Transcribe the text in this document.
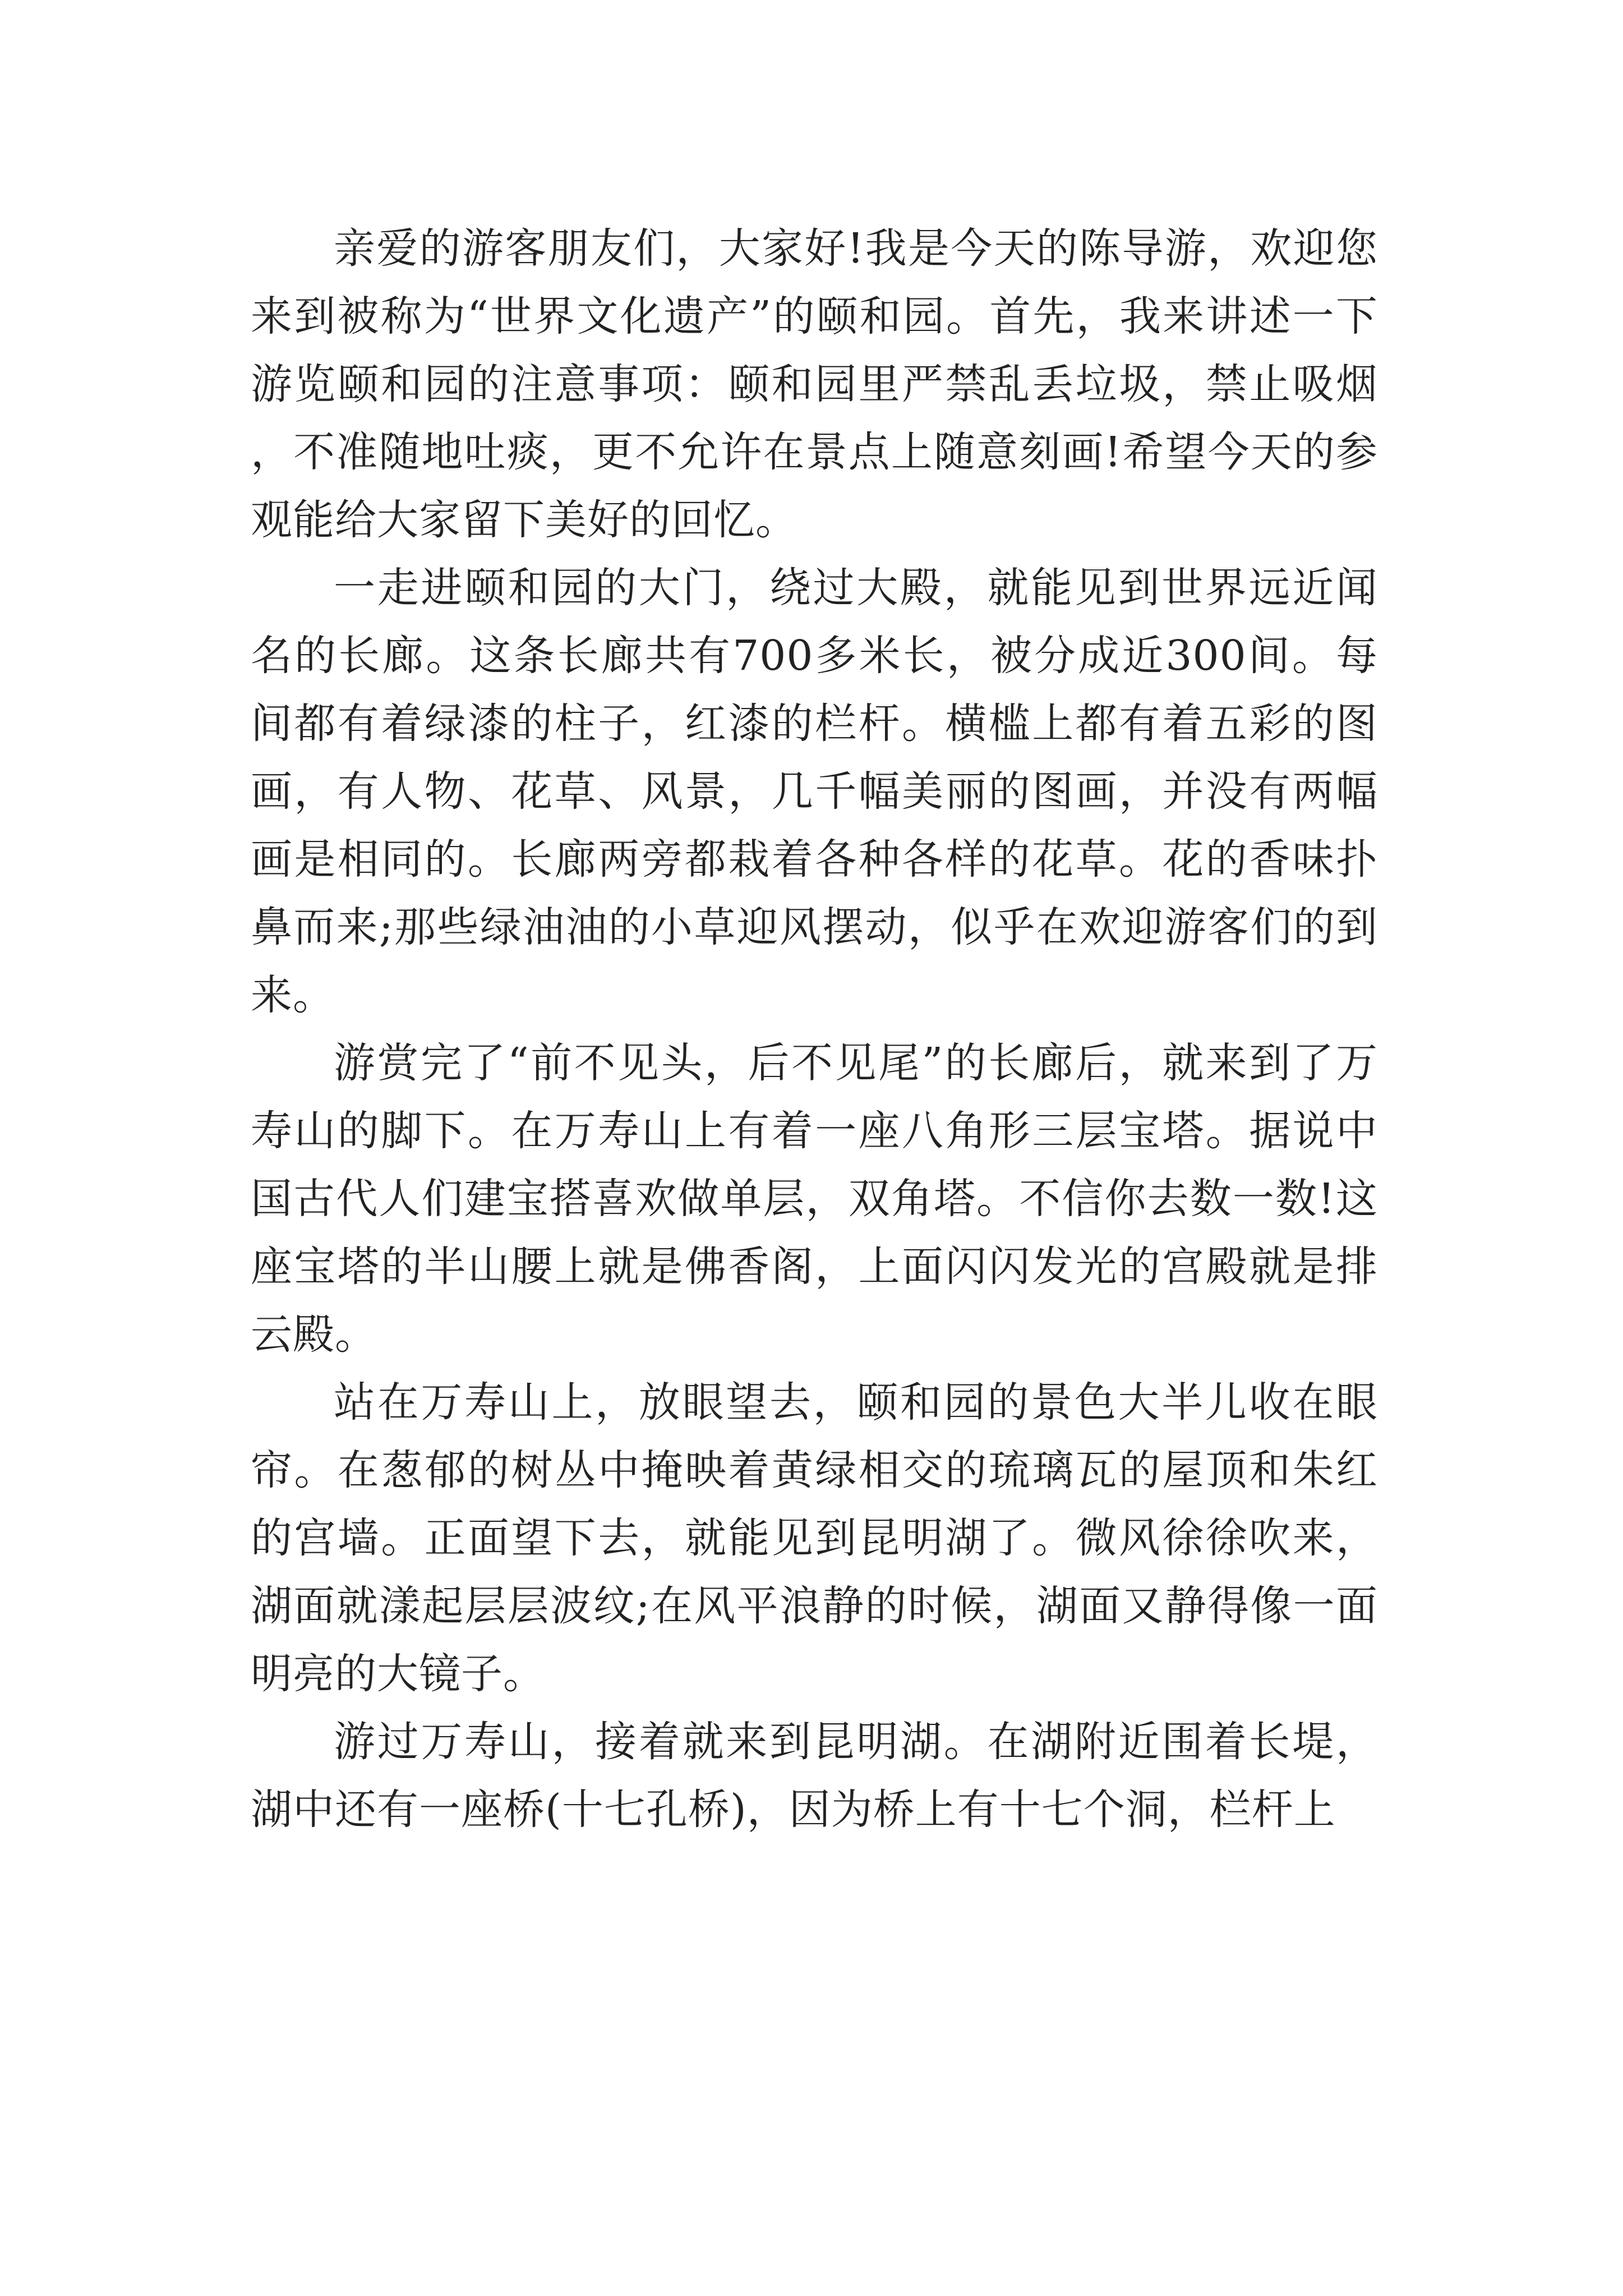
亲爱的游客朋友们，大家好!我是今天的陈导游，欢迎您来到被称为“世界文化遗产”的颐和园。首先，我来讲述一下游览颐和园的注意事项：颐和园里严禁乱丢垃圾，禁止吸烟，不准随地吐痰，更不允许在景点上随意刻画!希望今天的参观能给大家留下美好的回忆。

一走进颐和园的大门，绕过大殿，就能见到世界远近闻名的长廊。这条长廊共有700多米长，被分成近300间。每间都有着绿漆的柱子，红漆的栏杆。横槛上都有着五彩的图画，有人物、花草、风景，几千幅美丽的图画，并没有两幅画是相同的。长廊两旁都栽着各种各样的花草。花的香味扑鼻而来;那些绿油油的小草迎风摆动，似乎在欢迎游客们的到来。

游赏完了“前不见头，后不见尾”的长廊后，就来到了万寿山的脚下。在万寿山上有着一座八角形三层宝塔。据说中国古代人们建宝搭喜欢做单层，双角塔。不信你去数一数!这座宝塔的半山腰上就是佛香阁，上面闪闪发光的宫殿就是排云殿。

站在万寿山上，放眼望去，颐和园的景色大半儿收在眼帘。在葱郁的树丛中掩映着黄绿相交的琉璃瓦的屋顶和朱红的宫墙。正面望下去，就能见到昆明湖了。微风徐徐吹来，湖面就漾起层层波纹;在风平浪静的时候，湖面又静得像一面明亮的大镜子。

游过万寿山，接着就来到昆明湖。在湖附近围着长堤，湖中还有一座桥(十七孔桥)，因为桥上有十七个洞，栏杆上
